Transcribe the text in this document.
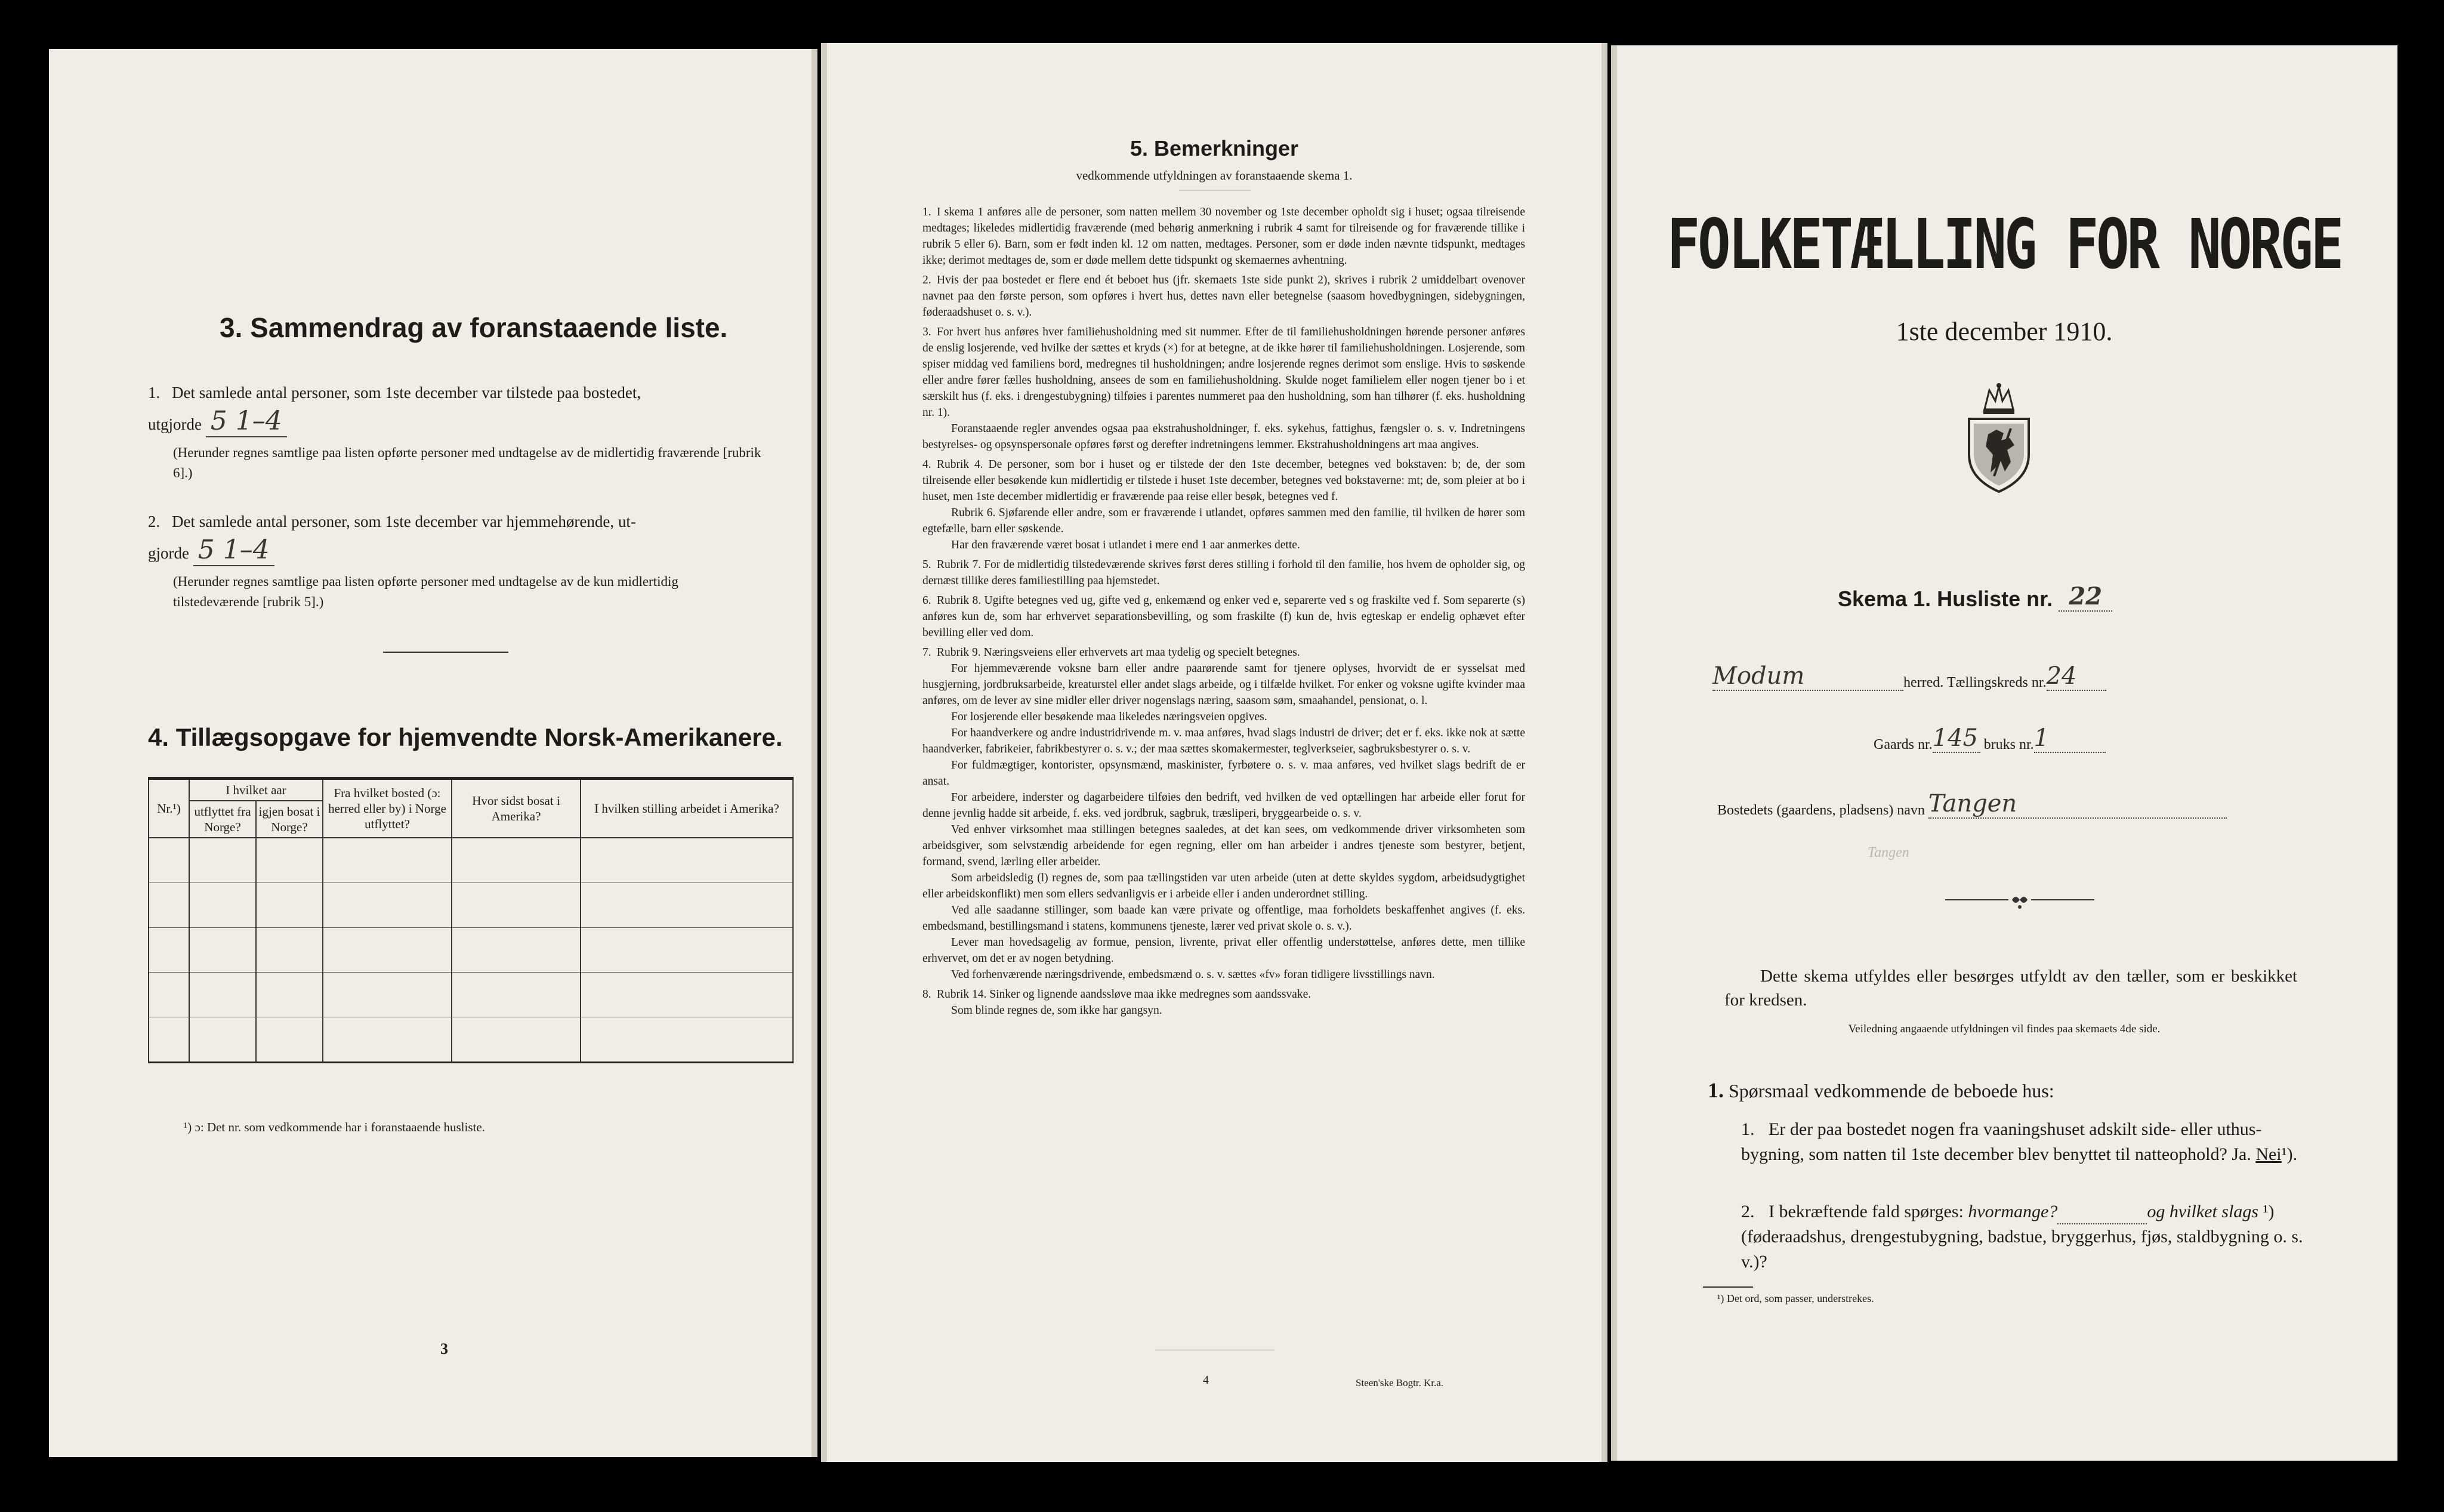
3. Sammendrag av foranstaaende liste.

1. Det samlede antal personer, som 1ste december var tilstede paa bostedet,
utgjorde 5 1–4

(Herunder regnes samtlige paa listen opførte personer med undtagelse av de midlertidig fraværende [rubrik 6].)

2. Det samlede antal personer, som 1ste december var hjemmehørende, ut-
gjorde 5 1–4

(Herunder regnes samtlige paa listen opførte personer med undtagelse av de kun midlertidig tilstedeværende [rubrik 5].)

4. Tillægsopgave for hjemvendte Norsk-Amerikanere.
Nr.¹)	I hvilket aar		Fra hvilket bosted (ɔ: herred eller by) i Norge utflyttet?	Hvor sidst bosat i Amerika?	I hvilken stilling arbeidet i Amerika?
	utflyttet fra Norge?	igjen bosat i Norge?			

¹) ɔ: Det nr. som vedkommende har i foranstaaende husliste.

3

5. Bemerkninger

vedkommende utfyldningen av foranstaaende skema 1.

1. I skema 1 anføres alle de personer, som natten mellem 30 november og 1ste december opholdt sig i huset; ogsaa tilreisende medtages; likeledes midlertidig fraværende (med behørig anmerkning i rubrik 4 samt for tilreisende og for fraværende tillike i rubrik 5 eller 6). Barn, som er født inden kl. 12 om natten, medtages. Personer, som er døde inden nævnte tidspunkt, medtages ikke; derimot medtages de, som er døde mellem dette tidspunkt og skemaernes avhentning.
2. Hvis der paa bostedet er flere end ét beboet hus (jfr. skemaets 1ste side punkt 2), skrives i rubrik 2 umiddelbart ovenover navnet paa den første person, som opføres i hvert hus, dettes navn eller betegnelse (saasom hovedbygningen, sidebygningen, føderaadshuset o. s. v.).
3. For hvert hus anføres hver familiehusholdning med sit nummer. Efter de til familiehusholdningen hørende personer anføres de enslig losjerende, ved hvilke der sættes et kryds (×) for at betegne, at de ikke hører til familiehusholdningen. Losjerende, som spiser middag ved familiens bord, medregnes til husholdningen; andre losjerende regnes derimot som enslige. Hvis to søskende eller andre fører fælles husholdning, ansees de som en familiehusholdning. Skulde noget familielem eller nogen tjener bo i et særskilt hus (f. eks. i drengestubygning) tilføies i parentes nummeret paa den husholdning, som han tilhører (f. eks. husholdning nr. 1).

Foranstaaende regler anvendes ogsaa paa ekstrahusholdninger, f. eks. sykehus, fattighus, fængsler o. s. v. Indretningens bestyrelses- og opsynspersonale opføres først og derefter indretningens lemmer. Ekstrahusholdningens art maa angives.

4. Rubrik 4. De personer, som bor i huset og er tilstede der den 1ste december, betegnes ved bokstaven: b; de, der som tilreisende eller besøkende kun midlertidig er tilstede i huset 1ste december, betegnes ved bokstaverne: mt; de, som pleier at bo i huset, men 1ste december midlertidig er fraværende paa reise eller besøk, betegnes ved f.

Rubrik 6. Sjøfarende eller andre, som er fraværende i utlandet, opføres sammen med den familie, til hvilken de hører som egtefælle, barn eller søskende.

Har den fraværende været bosat i utlandet i mere end 1 aar anmerkes dette.

5. Rubrik 7. For de midlertidig tilstedeværende skrives først deres stilling i forhold til den familie, hos hvem de opholder sig, og dernæst tillike deres familiestilling paa hjemstedet.
6. Rubrik 8. Ugifte betegnes ved ug, gifte ved g, enkemænd og enker ved e, separerte ved s og fraskilte ved f. Som separerte (s) anføres kun de, som har erhvervet separationsbevilling, og som fraskilte (f) kun de, hvis egteskap er endelig ophævet efter bevilling eller ved dom.
7. Rubrik 9. Næringsveiens eller erhvervets art maa tydelig og specielt betegnes.

For hjemmeværende voksne barn eller andre paarørende samt for tjenere oplyses, hvorvidt de er sysselsat med husgjerning, jordbruksarbeide, kreaturstel eller andet slags arbeide, og i tilfælde hvilket. For enker og voksne ugifte kvinder maa anføres, om de lever av sine midler eller driver nogenslags næring, saasom søm, smaahandel, pensionat, o. l.

For losjerende eller besøkende maa likeledes næringsveien opgives.

For haandverkere og andre industridrivende m. v. maa anføres, hvad slags industri de driver; det er f. eks. ikke nok at sætte haandverker, fabrikeier, fabrikbestyrer o. s. v.; der maa sættes skomakermester, teglverkseier, sagbruksbestyrer o. s. v.

For fuldmægtiger, kontorister, opsynsmænd, maskinister, fyrbøtere o. s. v. maa anføres, ved hvilket slags bedrift de er ansat.

For arbeidere, inderster og dagarbeidere tilføies den bedrift, ved hvilken de ved optællingen har arbeide eller forut for denne jevnlig hadde sit arbeide, f. eks. ved jordbruk, sagbruk, træsliperi, bryggearbeide o. s. v.

Ved enhver virksomhet maa stillingen betegnes saaledes, at det kan sees, om vedkommende driver virksomheten som arbeidsgiver, som selvstændig arbeidende for egen regning, eller om han arbeider i andres tjeneste som bestyrer, betjent, formand, svend, lærling eller arbeider.

Som arbeidsledig (l) regnes de, som paa tællingstiden var uten arbeide (uten at dette skyldes sygdom, arbeidsudygtighet eller arbeidskonflikt) men som ellers sedvanligvis er i arbeide eller i anden underordnet stilling.

Ved alle saadanne stillinger, som baade kan være private og offentlige, maa forholdets beskaffenhet angives (f. eks. embedsmand, bestillingsmand i statens, kommunens tjeneste, lærer ved privat skole o. s. v.).

Lever man hovedsagelig av formue, pension, livrente, privat eller offentlig understøttelse, anføres dette, men tillike erhvervet, om det er av nogen betydning.

Ved forhenværende næringsdrivende, embedsmænd o. s. v. sættes «fv» foran tidligere livsstillings navn.

8. Rubrik 14. Sinker og lignende aandssløve maa ikke medregnes som aandssvake.

Som blinde regnes de, som ikke har gangsyn.

4	Steen'ske Bogtr. Kr.a.

FOLKETÆLLING FOR NORGE

1ste december 1910.

Skema 1. Husliste nr. 22

Modum	herred. Tællingskreds nr.24

Gaards nr.145 bruks nr.1

Bostedets (gaardens, pladsens) navn Tangen

Tangen

Dette skema utfyldes eller besørges utfyldt av den tæller, som er beskikket for kredsen.

Veiledning angaaende utfyldningen vil findes paa skemaets 4de side.

1. Spørsmaal vedkommende de beboede hus:

1. Er der paa bostedet nogen fra vaaningshuset adskilt side- eller uthus-bygning, som natten til 1ste december blev benyttet til natteophold? Ja. Nei¹).

2. I bekræftende fald spørges: hvormange?	og hvilket slags ¹) (føderaadshus, drengestubygning, badstue, bryggerhus, fjøs, staldbygning o. s. v.)?

¹) Det ord, som passer, understrekes.
